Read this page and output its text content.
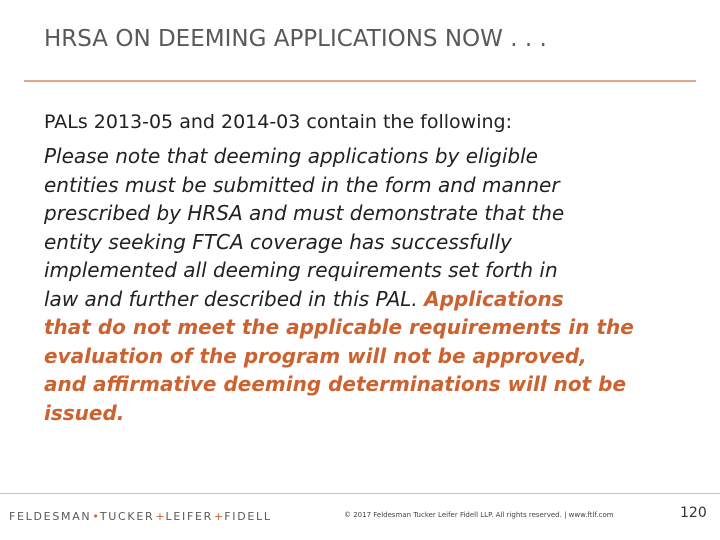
HRSA ON DEEMING APPLICATIONS NOW . . .
PALs 2013-05 and 2014-03 contain the following:
Please note that deeming applications by eligible
entities must be submitted in the form and manner
prescribed by HRSA and must demonstrate that the
entity seeking FTCA coverage has successfully
implemented all deeming requirements set forth in
law and further described in this PAL. Applications
that do not meet the applicable requirements in the
evaluation of the program will not be approved,
and affirmative deeming determinations will not be
issued.
FELDESMAN•TUCKER+LEIFER+FIDELL	© 2017 Feldesman Tucker Leifer Fidell LLP. All rights reserved. | www.ftlf.com	120
